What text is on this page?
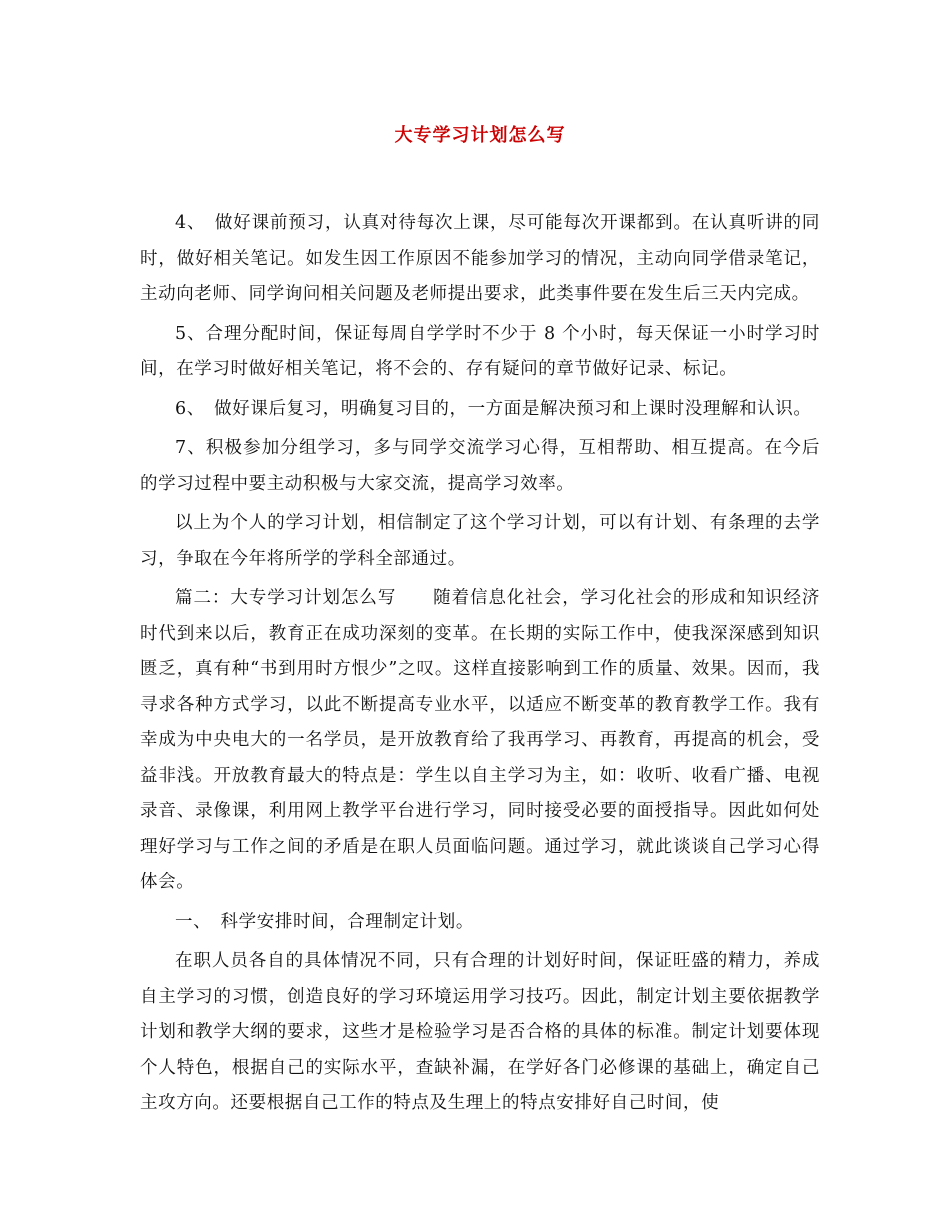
大专学习计划怎么写

4、　做好课前预习，认真对待每次上课，尽可能每次开课都到。在认真听讲的同时，做好相关笔记。如发生因工作原因不能参加学习的情况，主动向同学借录笔记，主动向老师、同学询问相关问题及老师提出要求，此类事件要在发生后三天内完成。

5、合理分配时间，保证每周自学学时不少于 8 个小时，每天保证一小时学习时间，在学习时做好相关笔记，将不会的、存有疑问的章节做好记录、标记。

6、　做好课后复习，明确复习目的，一方面是解决预习和上课时没理解和认识。

7、积极参加分组学习，多与同学交流学习心得，互相帮助、相互提高。在今后的学习过程中要主动积极与大家交流，提高学习效率。

以上为个人的学习计划，相信制定了这个学习计划，可以有计划、有条理的去学习，争取在今年将所学的学科全部通过。

篇二：大专学习计划怎么写　　随着信息化社会，学习化社会的形成和知识经济时代到来以后，教育正在成功深刻的变革。在长期的实际工作中，使我深深感到知识匮乏，真有种“书到用时方恨少”之叹。这样直接影响到工作的质量、效果。因而，我寻求各种方式学习，以此不断提高专业水平，以适应不断变革的教育教学工作。我有幸成为中央电大的一名学员，是开放教育给了我再学习、再教育，再提高的机会，受益非浅。开放教育最大的特点是：学生以自主学习为主，如：收听、收看广播、电视录音、录像课，利用网上教学平台进行学习，同时接受必要的面授指导。因此如何处理好学习与工作之间的矛盾是在职人员面临问题。通过学习，就此谈谈自己学习心得体会。

一、　科学安排时间，合理制定计划。

在职人员各自的具体情况不同，只有合理的计划好时间，保证旺盛的精力，养成自主学习的习惯，创造良好的学习环境运用学习技巧。因此，制定计划主要依据教学计划和教学大纲的要求，这些才是检验学习是否合格的具体的标准。制定计划要体现个人特色，根据自己的实际水平，查缺补漏，在学好各门必修课的基础上，确定自己主攻方向。还要根据自己工作的特点及生理上的特点安排好自己时间，使
